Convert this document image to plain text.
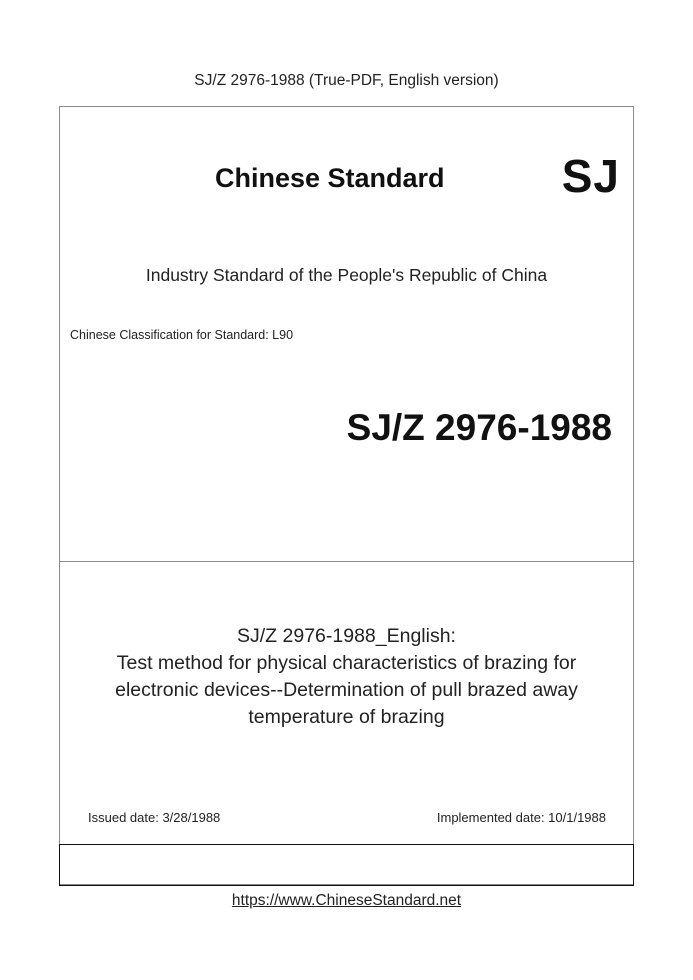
SJ/Z 2976-1988 (True-PDF, English version)
Chinese Standard	SJ
Industry Standard of the People's Republic of China
Chinese Classification for Standard: L90
SJ/Z 2976-1988
SJ/Z 2976-1988_English:
Test method for physical characteristics of brazing for
electronic devices--Determination of pull brazed away
temperature of brazing
Issued date: 3/28/1988	Implemented date: 10/1/1988
https://www.ChineseStandard.net
